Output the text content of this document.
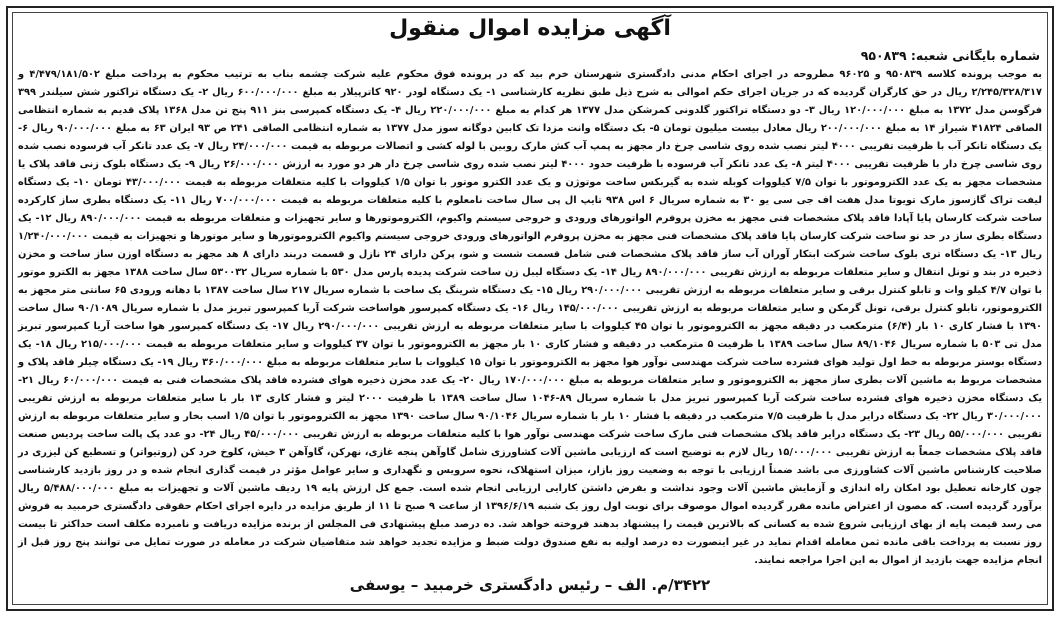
آگهی مزایده اموال منقول
شماره بایگانی شعبه: ۹۵۰۸۳۹
به موجب پرونده کلاسه ۹۵۰۸۳۹ و ۹۶۰۲۵ مطروحه در اجرای احکام مدنی دادگستری شهرستان خرم بید که در پرونده فوق محکوم علیه شرکت چشمه بناب به ترتیب محکوم به پرداخت مبلغ ۴/۴۷۹/۱۸۱/۵۰۲ و ۲/۲۴۵/۳۲۸/۳۱۷ ریال در حق کارگران گردیده که در جریان اجرای حکم اموالی به شرح ذیل طبق نظریه کارشناسی ۱- یک دستگاه لودر ۹۲۰ کاترپیلار به مبلغ ۶۰۰/۰۰۰/۰۰۰ ریال ۲- یک دستگاه تراکتور شش سیلندر ۳۹۹ فرگوسن مدل ۱۳۷۲ به مبلغ ۱۲۰/۰۰۰/۰۰۰ ریال ۳- دو دستگاه تراکتور گلدونی کمرشکن مدل ۱۳۷۷ هر کدام به مبلغ ۲۲۰/۰۰۰/۰۰۰ ریال ۴- یک دستگاه کمپرسی بنز ۹۱۱ پنج تن مدل ۱۳۶۸ پلاک قدیم به شماره انتظامی الصاقی ۴۱۸۲۴ شیراز ۱۴ به مبلغ ۲۰۰/۰۰۰/۰۰۰ ریال معادل بیست میلیون تومان ۵- یک دستگاه وانت مزدا تک کابین دوگانه سوز مدل ۱۳۷۷ به شماره انتظامی الصاقی ۲۴۱ ص ۹۳ ایران ۶۳ به مبلغ ۹۰/۰۰۰/۰۰۰ ریال ۶- یک دستگاه تانکر آب با ظرفیت تقریبی ۴۰۰۰ لیتر نصب شده روی شاسی چرخ دار مجهز به پمپ آب کش مارک روبین با لوله کشی و اتصالات مربوطه به قیمت ۲۴/۰۰۰/۰۰۰ ریال ۷- یک عدد تانکر آب فرسوده نصب شده روی شاسی چرخ دار با ظرفیت تقریبی ۴۰۰۰ لیتر ۸- یک عدد تانکر آب فرسوده با ظرفیت حدود ۴۰۰۰ لیتر نصب شده روی شاسی چرخ دار هر دو مورد به ارزش ۲۶/۰۰۰/۰۰۰ ریال ۹- یک دستگاه بلوک زنی فاقد پلاک یا مشخصات مجهز به یک عدد الکتروموتور با توان ۷/۵ کیلووات کوبله شده به گیربکس ساخت موتوژن و یک عدد الکترو موتور با توان ۱/۵ کیلووات با کلیه متعلقات مربوطه به قیمت ۴۳/۰۰۰/۰۰۰ تومان ۱۰- یک دستگاه لیفت تراک گازسوز مارک تویوتا مدل هفت اف جی سی یو ۳۰ به شماره سریال ۶ اس ۹۳۸ تایپ ال پی سال ساخت نامعلوم با کلیه متعلقات مربوطه به قیمت ۷۰۰/۰۰۰/۰۰۰ ریال ۱۱- یک دستگاه بطری ساز کارکرده ساخت شرکت کارسان پایا آپادا فاقد پلاک مشخصات فنی مجهز به مخزن پروفرم الواتورهای ورودی و خروجی سیستم واکیوم، الکتروموتورها و سایر تجهیزات و متعلقات مربوطه به قیمت ۸۹۰/۰۰۰/۰۰۰ ریال ۱۲- یک دستگاه بطری ساز در حد نو ساخت شرکت کارسان پایا فاقد پلاک مشخصات فنی مجهز به مخزن پروفرم الواتورهای ورودی خروجی سیستم واکیوم الکتروموتورها و سایر موتورها و تجهیزات به قیمت ۱/۲۴۰/۰۰۰/۰۰۰ ریال ۱۳- یک دستگاه تری بلوک ساخت شرکت ابتکار آوران آب ساز فاقد پلاک مشخصات فنی شامل قسمت شست و شو، پرکن دارای ۲۴ نازل و قسمت دربند دارای ۸ هد مجهز به دستگاه اوزن ساز ساخت و مخزن ذخیره در بند و تونل انتقال و سایر متعلقات مربوطه به ارزش تقریبی ۸۹۰/۰۰۰/۰۰۰ ریال ۱۴- یک دستگاه لیبل زن ساخت شرکت پدیده پارس مدل ۵۳۰ با شماره سریال ۵۳۰۰۳۲ سال ساخت ۱۳۸۸ مجهز به الکترو موتور با توان ۴/۷ کیلو وات و تابلو کنترل برقی و سایر متعلقات مربوطه به ارزش تقریبی ۲۹۰/۰۰۰/۰۰۰ ریال ۱۵- یک دستگاه شرینگ یک ساخت با شماره سریال ۲۱۷ سال ساخت ۱۳۸۷ با دهانه ورودی ۶۵ سانتی متر مجهز به الکتروموتور، تابلو کنترل برقی، تونل گرمکن و سایر متعلقات مربوطه به ارزش تقریبی ۱۴۵/۰۰۰/۰۰۰ ریال ۱۶- یک دستگاه کمپرسور هواساخت شرکت آریا کمپرسور تبریز مدل با شماره سریال ۹۰/۱۰۸۹ سال ساخت ۱۳۹۰ با فشار کاری ۱۰ بار (۶/۴) مترمکعب در دقیقه مجهز به الکتروموتور با توان ۴۵ کیلووات با سایر متعلقات مربوطه به ارزش تقریبی ۲۹۰/۰۰۰/۰۰۰ ریال ۱۷- یک دستگاه کمپرسور هوا ساخت آریا کمپرسور تبریز مدل تی ۵۰۳ با شماره سریال ۸۹/۱۰۴۶ سال ساخت ۱۳۸۹ با ظرفیت ۵ مترمکعب در دقیقه و فشار کاری ۱۰ بار مجهز به الکتروموتور با توان ۳۷ کیلووات و سایر متعلقات مربوطه به قیمت ۲۱۵/۰۰۰/۰۰۰ ریال ۱۸- یک دستگاه بوستر مربوطه به خط اول تولید هوای فشرده ساخت شرکت مهندسی نوآور هوا مجهز به الکتروموتور با توان ۱۵ کیلووات با سایر متعلقات مربوطه به مبلغ ۳۶۰/۰۰۰/۰۰۰ ریال ۱۹- یک دستگاه چیلر فاقد پلاک و مشخصات مربوط به ماشین آلات بطری ساز مجهز به الکتروموتور و سایر متعلقات مربوطه به مبلغ ۱۷۰/۰۰۰/۰۰۰ ریال ۲۰- یک عدد مخزن ذخیره هوای فشرده فاقد پلاک مشخصات فنی به قیمت ۶۰/۰۰۰/۰۰۰ ریال ۲۱- یک دستگاه مخزن ذخیره هوای فشرده ساخت شرکت آریا کمپرسور تبریز مدل با شماره سریال ۸۹-۱۰۴۶ سال ساخت ۱۳۸۹ با ظرفیت ۲۰۰۰ لیتر و فشار کاری ۱۳ بار با سایر متعلقات مربوطه به ارزش تقریبی ۳۰/۰۰۰/۰۰۰ ریال ۲۲- یک دستگاه درایر مدل با ظرفیت ۷/۵ مترمکعب در دقیقه با فشار ۱۰ بار با شماره سریال ۹۰/۱۰۴۶ سال ساخت ۱۳۹۰ مجهز به الکتروموتور با توان ۱/۵ اسب بخار و سایر متعلقات مربوطه به ارزش تقریبی ۵۵/۰۰۰/۰۰۰ ریال ۲۳- یک دستگاه درایر فاقد پلاک مشخصات فنی مارک ساخت شرکت مهندسی نوآور هوا با کلیه متعلقات مربوطه به ارزش تقریبی ۴۵/۰۰۰/۰۰۰ ریال ۲۴- دو عدد پک پالت ساخت پردیس صنعت فاقد پلاک مشخصات جمعاً به ارزش تقریبی ۱۵/۰۰۰/۰۰۰ ریال لازم به توضیح است که ارزیابی ماشین آلات کشاورزی شامل گاوآهن پنجه غازی، نهرکن، گاوآهن ۳ خیش، کلوخ خرد کن (روتیواتر) و تسطیع کن لیزری در صلاحیت کارشناس ماشین آلات کشاورزی می باشد ضمناً ارزیابی با توجه به وضعیت روز بازار، میزان استهلاک، نحوه سرویس و نگهداری و سایر عوامل مؤثر در قیمت گذاری انجام شده و در روز بازدید کارشناسی چون کارخانه تعطیل بود امکان راه اندازی و آزمایش ماشین آلات وجود نداشت و بفرض داشتن کارایی ارزیابی انجام شده است. جمع کل ارزش پایه ۱۹ ردیف ماشین آلات و تجهیزات به مبلغ ۵/۴۸۸/۰۰۰/۰۰۰ ریال برآورد گردیده است. که مصون از اعتراض مانده مقرر گردیده اموال موصوف برای نوبت اول روز یک شنبه ۱۳۹۶/۶/۱۹ از ساعت ۹ صبح تا ۱۱ از طریق مزایده در دایره اجرای احکام حقوقی دادگستری خرمبید به فروش می رسد قیمت پایه از بهای ارزیابی شروع شده به کسانی که بالاترین قیمت را پیشنهاد بدهند فروخته خواهد شد. ده درصد مبلغ پیشنهادی فی المجلس از برنده مزایده دریافت و نامبرده مکلف است حداکثر تا بیست روز نسبت به پرداخت باقی مانده ثمن معامله اقدام نماید در غیر اینصورت ده درصد اولیه به نفع صندوق دولت ضبط و مزایده تجدید خواهد شد متقاضیان شرکت در معامله در صورت تمایل می توانند پنج روز قبل از انجام مزایده جهت بازدید از اموال به این اجرا مراجعه نمایند.
۳۴۲۲/م. الف – رئیس دادگستری خرمبید – یوسفی
